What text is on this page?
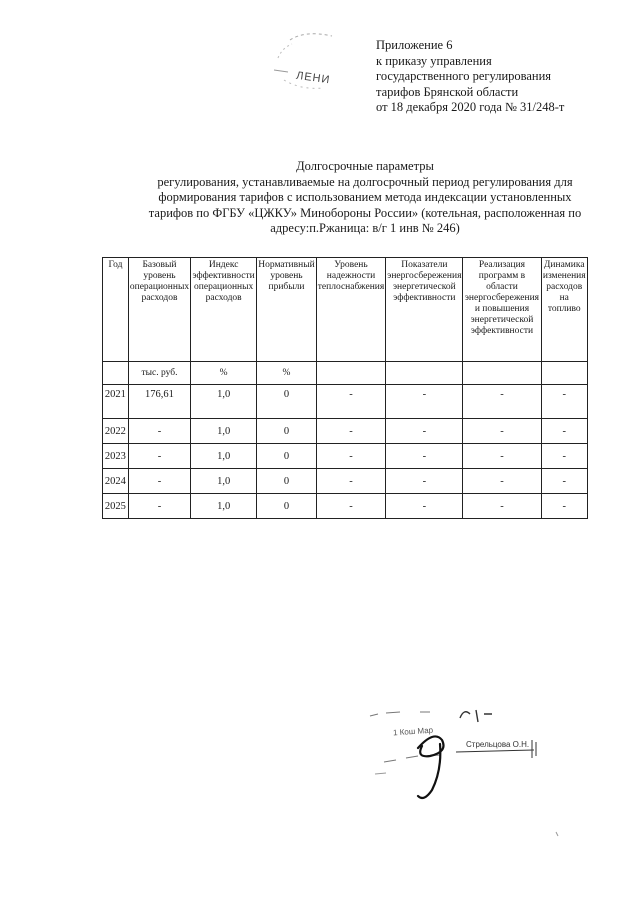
ЛЕНИ
Приложение 6
к приказу управления
государственного регулирования
тарифов Брянской области
от 18 декабря 2020 года № 31/248-т
Долгосрочные параметры
регулирования, устанавливаемые на долгосрочный период регулирования для
формирования тарифов с использованием метода индексации установленных
тарифов по ФГБУ «ЦЖКУ» Минобороны России» (котельная, расположенная по
адресу:п.Ржаница: в/г 1 инв № 246)
Год	Базовый уровень операционных расходов	Индекс эффективности операционных расходов	Нормативный уровень прибыли	Уровень надежности теплоснабжения	Показатели энергосбережения энергетической эффективности	Реализация программ в области энергосбережения и повышения энергетической эффективности	Динамика изменения расходов на топливо
	тыс. руб.	%	%				
2021	176,61	1,0	0	-	-	-	-
2022	-	1,0	0	-	-	-	-
2023	-	1,0	0	-	-	-	-
2024	-	1,0	0	-	-	-	-
2025	-	1,0	0	-	-	-	-
1 Кош Мар
Стрельцова О.Н.
